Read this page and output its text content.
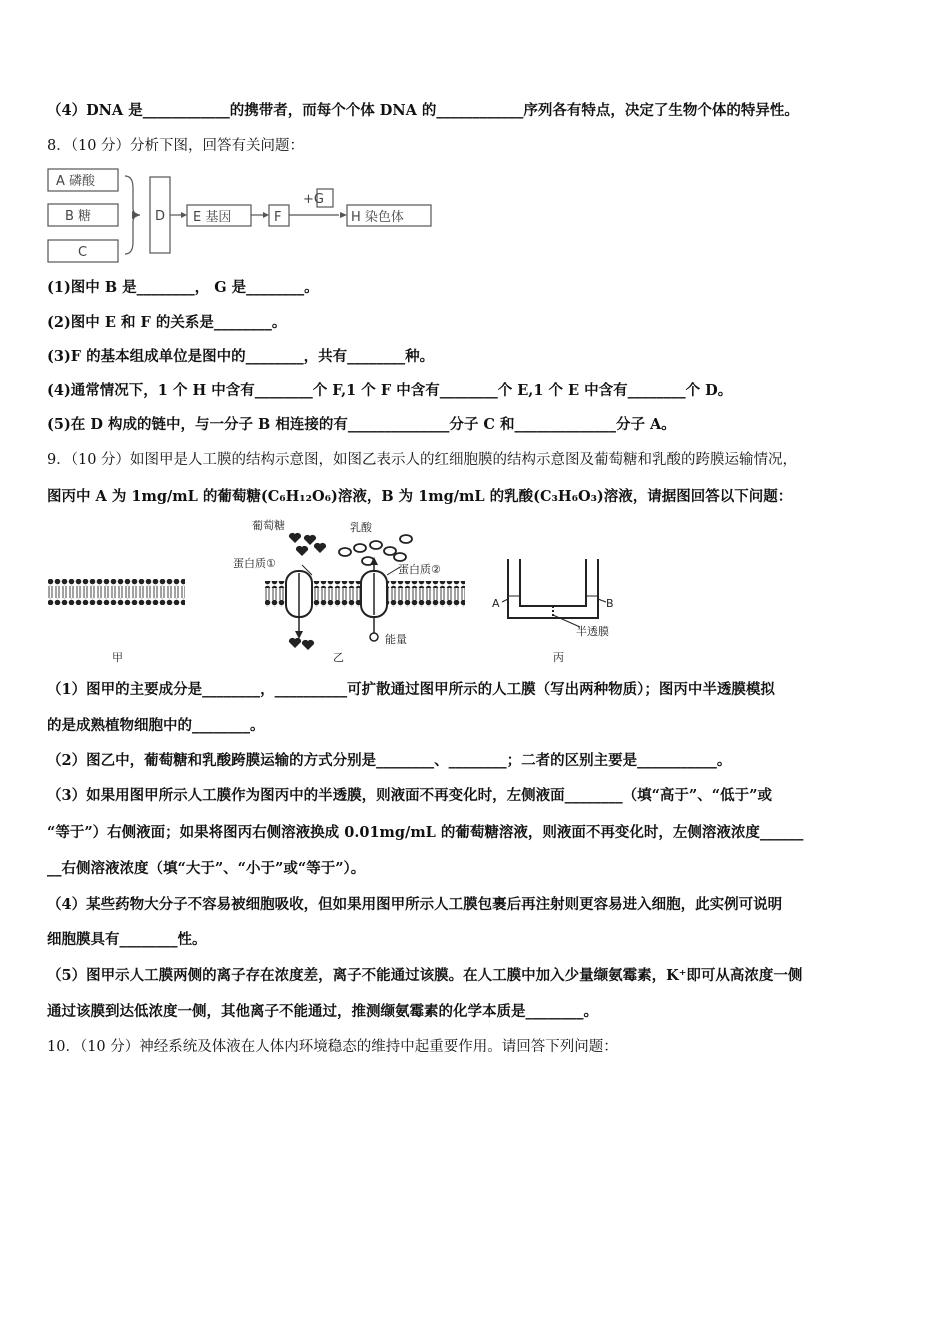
（4）DNA 是____________的携带者，而每个个体 DNA 的____________序列各有特点，决定了生物个体的特异性。
8．（10 分）分析下图，回答有关问题：
A 磷酸
B 糖
C
D E 基因	F
+G
H 染色体
(1)图中 B 是________， G 是________。
(2)图中 E 和 F 的关系是________。
(3)F 的基本组成单位是图中的________，共有________种。
(4)通常情况下，1 个 H 中含有________个 F,1 个 F 中含有________个 E,1 个 E 中含有________个 D。
(5)在 D 构成的链中，与一分子 B 相连接的有______________分子 C 和______________分子 A。
9．（10 分）如图甲是人工膜的结构示意图，如图乙表示人的红细胞膜的结构示意图及葡萄糖和乳酸的跨膜运输情况，
图丙中 A 为 1mg/mL 的葡萄糖(C₆H₁₂O₆)溶液，B 为 1mg/mL 的乳酸(C₃H₆O₃)溶液，请据图回答以下问题：
葡萄糖	乳酸
蛋白质①	蛋白质②
能量
A	B
半透膜
甲	乙	丙
（1）图甲的主要成分是________，__________可扩散通过图甲所示的人工膜（写出两种物质）；图丙中半透膜模拟
的是成熟植物细胞中的________。
（2）图乙中，葡萄糖和乳酸跨膜运输的方式分别是________、________；二者的区别主要是___________。
（3）如果用图甲所示人工膜作为图丙中的半透膜，则液面不再变化时，左侧液面________（填“高于”、“低于”或
“等于”）右侧液面；如果将图丙右侧溶液换成 0.01mg/mL 的葡萄糖溶液，则液面不再变化时，左侧溶液浓度______
__右侧溶液浓度（填“大于”、“小于”或“等于”）。
（4）某些药物大分子不容易被细胞吸收，但如果用图甲所示人工膜包裹后再注射则更容易进入细胞，此实例可说明
细胞膜具有________性。
（5）图甲示人工膜两侧的离子存在浓度差，离子不能通过该膜。在人工膜中加入少量缬氨霉素，K⁺即可从高浓度一侧
通过该膜到达低浓度一侧，其他离子不能通过，推测缬氨霉素的化学本质是________。
10．（10 分）神经系统及体液在人体内环境稳态的维持中起重要作用。请回答下列问题：
